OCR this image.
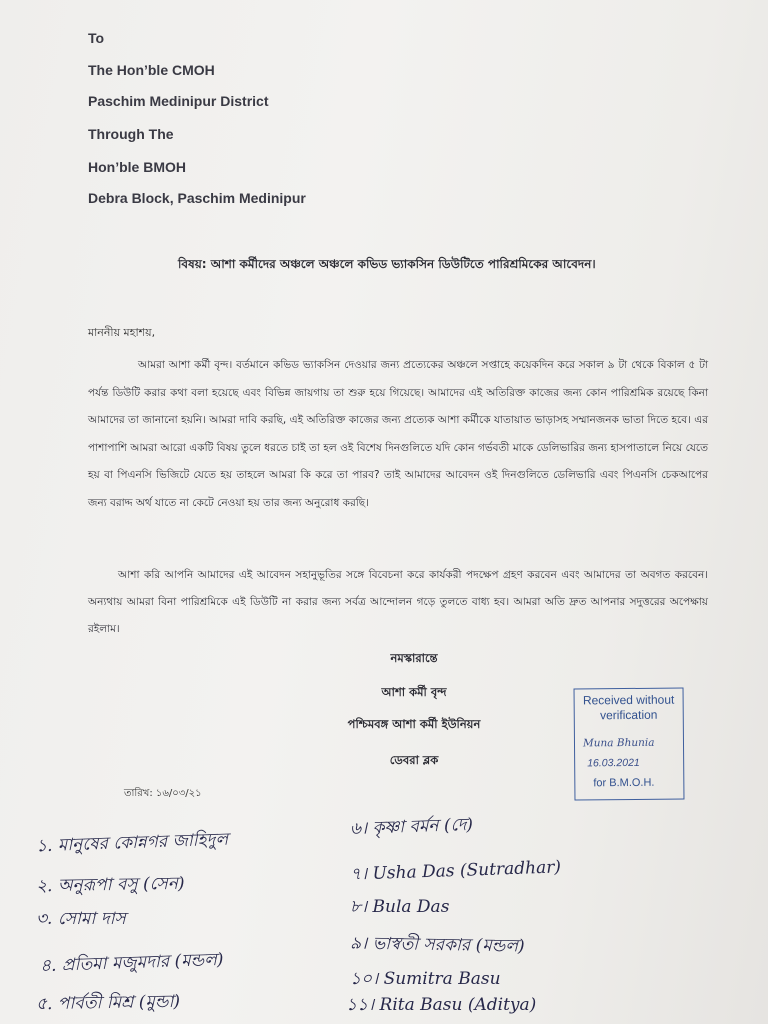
To
The Hon’ble CMOH
Paschim Medinipur District
Through The
Hon’ble BMOH
Debra Block, Paschim Medinipur
বিষয়: আশা কর্মীদের অঞ্চলে অঞ্চলে কভিড ভ্যাকসিন ডিউটিতে পারিশ্রমিকের আবেদন।
মাননীয় মহাশয়,
আমরা আশা কর্মী বৃন্দ। বর্তমানে কভিড ভ্যাকসিন দেওয়ার জন্য প্রত্যেকের অঞ্চলে সপ্তাহে কয়েকদিন করে সকাল ৯ টা থেকে বিকাল ৫ টা পর্যন্ত ডিউটি করার কথা বলা হয়েছে এবং বিভিন্ন জায়গায় তা শুরু হয়ে গিয়েছে। আমাদের এই অতিরিক্ত কাজের জন্য কোন পারিশ্রমিক রয়েছে কিনা আমাদের তা জানানো হয়নি। আমরা দাবি করছি, এই অতিরিক্ত কাজের জন্য প্রত্যেক আশা কর্মীকে যাতায়াত ভাড়াসহ সম্মানজনক ভাতা দিতে হবে। এর পাশাপাশি আমরা আরো একটি বিষয় তুলে ধরতে চাই তা হল ওই বিশেষ দিনগুলিতে যদি কোন গর্ভবতী মাকে ডেলিভারির জন্য হাসপাতালে নিয়ে যেতে হয় বা পিএনসি ভিজিটে যেতে হয় তাহলে আমরা কি করে তা পারব? তাই আমাদের আবেদন ওই দিনগুলিতে ডেলিভারি এবং পিএনসি চেকআপের জন্য বরাদ্দ অর্থ যাতে না কেটে নেওয়া হয় তার জন্য অনুরোধ করছি।
আশা করি আপনি আমাদের এই আবেদন সহানুভূতির সঙ্গে বিবেচনা করে কার্যকরী পদক্ষেপ গ্রহণ করবেন এবং আমাদের তা অবগত করবেন। অন্যথায় আমরা বিনা পারিশ্রমিকে এই ডিউটি না করার জন্য সর্বত্র আন্দোলন গড়ে তুলতে বাধ্য হব। আমরা অতি দ্রুত আপনার সদুত্তরের অপেক্ষায় রইলাম।
নমস্কারান্তে
আশা কর্মী বৃন্দ
পশ্চিমবঙ্গ আশা কর্মী ইউনিয়ন
ডেবরা ব্লক
তারিখ: ১৬/০৩/২১
Received without
verification
Muna Bhunia
16.03.2021
for B.M.O.H.
১. মানুষের কোন্নগর জাহিদুল
২. অনুরূপা বসু (সেন)
৩. সোমা দাস
৪. প্রতিমা মজুমদার (মন্ডল)
৫. পার্বতী মিশ্র (মুন্ডা)
৬। কৃষ্ণা বর্মন (দে)
৭। Usha Das (Sutradhar)
৮। Bula Das
৯। ভাস্বতী সরকার (মন্ডল)
১০। Sumitra Basu
১১। Rita Basu (Aditya)
